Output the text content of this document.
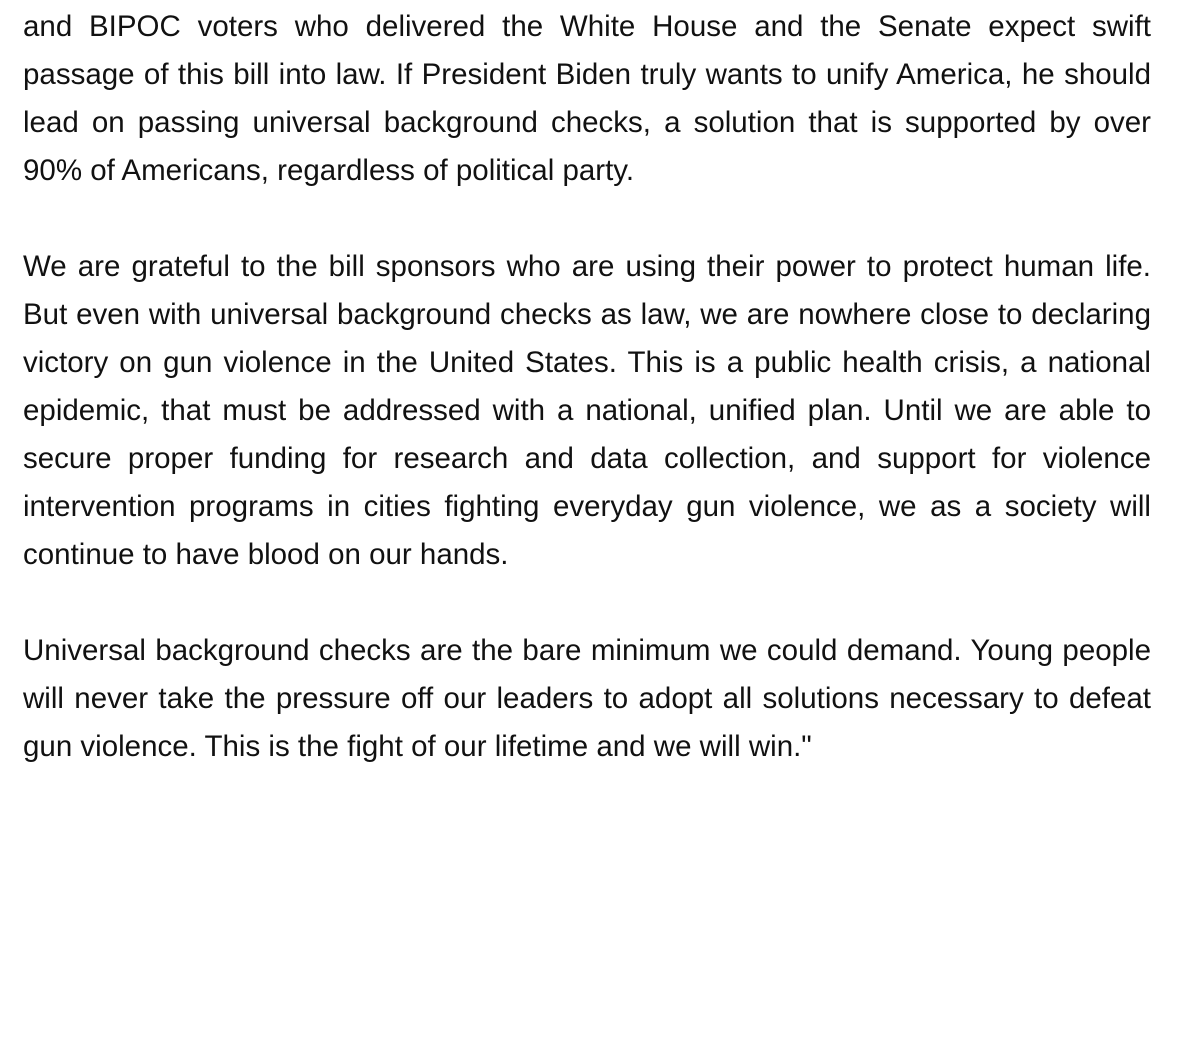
and BIPOC voters who delivered the White House and the Senate expect swift passage of this bill into law. If President Biden truly wants to unify America, he should lead on passing universal background checks, a solution that is supported by over 90% of Americans, regardless of political party.

We are grateful to the bill sponsors who are using their power to protect human life. But even with universal background checks as law, we are nowhere close to declaring victory on gun violence in the United States. This is a public health crisis, a national epidemic, that must be addressed with a national, unified plan. Until we are able to secure proper funding for research and data collection, and support for violence intervention programs in cities fighting everyday gun violence, we as a society will continue to have blood on our hands.

Universal background checks are the bare minimum we could demand. Young people will never take the pressure off our leaders to adopt all solutions necessary to defeat gun violence. This is the fight of our lifetime and we will win."
